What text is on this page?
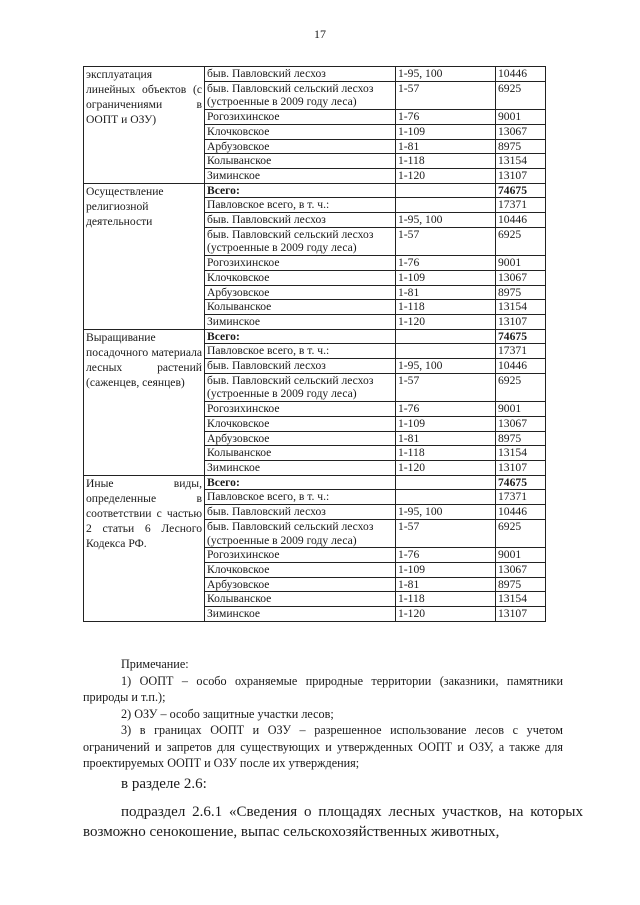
17
эксплуатация линейных объектов (с ограничениями в ООПТ и ОЗУ)	быв. Павловский лесхоз	1-95, 100	10446
	быв. Павловский сельский лесхоз (устроенные в 2009 году леса)	1-57	6925
	Рогозихинское	1-76	9001
	Клочковское	1-109	13067
	Арбузовское	1-81	8975
	Колыванское	1-118	13154
	Зиминское	1-120	13107
Осуществление религиозной деятельности	Всего:		74675
	Павловское всего, в т. ч.:		17371
	быв. Павловский лесхоз	1-95, 100	10446
	быв. Павловский сельский лесхоз (устроенные в 2009 году леса)	1-57	6925
	Рогозихинское	1-76	9001
	Клочковское	1-109	13067
	Арбузовское	1-81	8975
	Колыванское	1-118	13154
	Зиминское	1-120	13107
Выращивание посадочного материала лесных растений (саженцев, сеянцев)	Всего:		74675
	Павловское всего, в т. ч.:		17371
	быв. Павловский лесхоз	1-95, 100	10446
	быв. Павловский сельский лесхоз (устроенные в 2009 году леса)	1-57	6925
	Рогозихинское	1-76	9001
	Клочковское	1-109	13067
	Арбузовское	1-81	8975
	Колыванское	1-118	13154
	Зиминское	1-120	13107
Иные виды, определенные в соответствии с частью 2 статьи 6 Лесного Кодекса РФ.	Всего:		74675
	Павловское всего, в т. ч.:		17371
	быв. Павловский лесхоз	1-95, 100	10446
	быв. Павловский сельский лесхоз (устроенные в 2009 году леса)	1-57	6925
	Рогозихинское	1-76	9001
	Клочковское	1-109	13067
	Арбузовское	1-81	8975
	Колыванское	1-118	13154
	Зиминское	1-120	13107

Примечание:

1) ООПТ – особо охраняемые природные территории (заказники, памятники природы и т.п.);

2) ОЗУ – особо защитные участки лесов;

3) в границах ООПТ и ОЗУ – разрешенное использование лесов с учетом ограничений и запретов для существующих и утвержденных ООПТ и ОЗУ, а также для проектируемых ООПТ и ОЗУ после их утверждения;

в разделе 2.6:

подраздел 2.6.1 «Сведения о площадях лесных участков, на которых возможно сенокошение, выпас сельскохозяйственных животных,
